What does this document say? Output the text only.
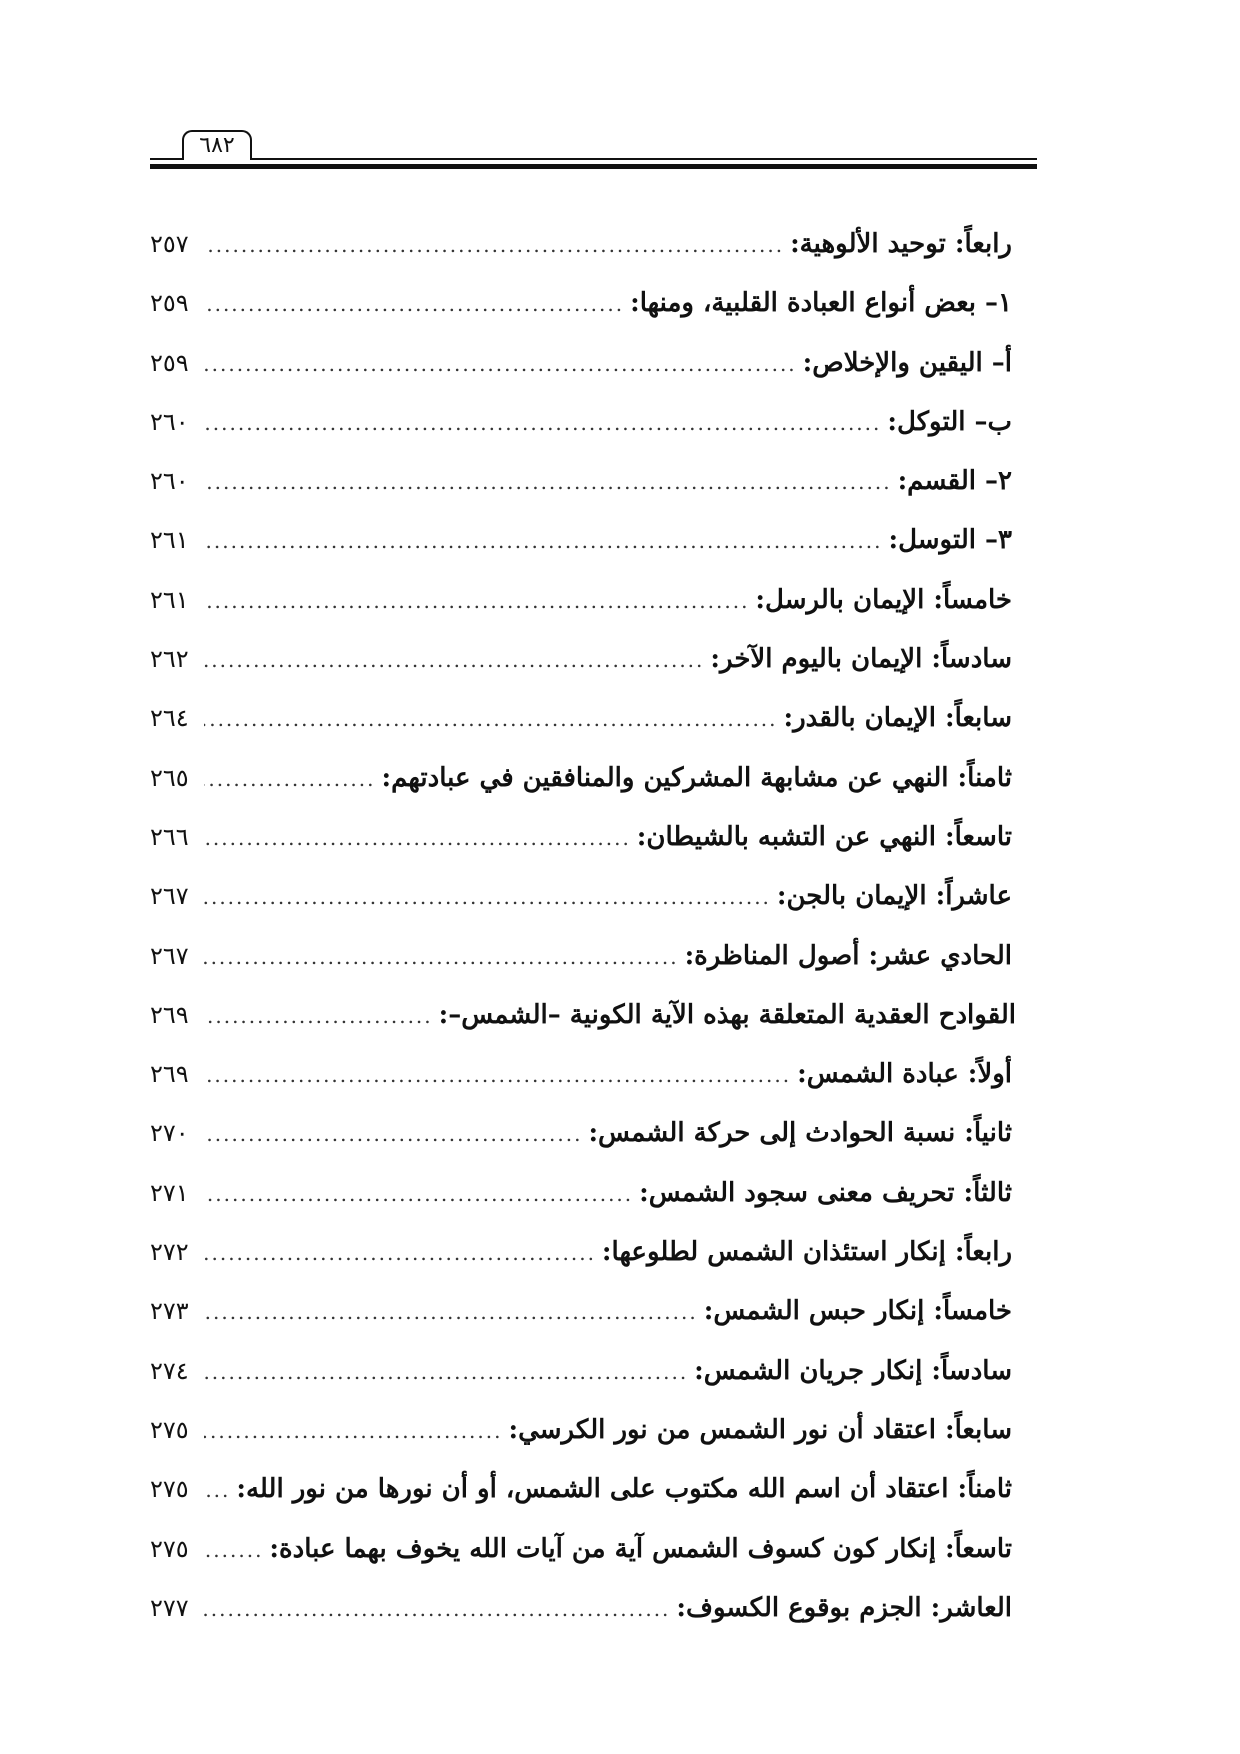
٦٨٢
رابعاً: توحيد الألوهية:
.....
٢٥٧
١– بعض أنواع العبادة القلبية، ومنها:
.....
٢٥٩
أ– اليقين والإخلاص:
.....
٢٥٩
ب– التوكل:
.....
٢٦٠
٢– القسم:
.....
٢٦٠
٣– التوسل:
.....
٢٦١
خامساً: الإيمان بالرسل:
.....
٢٦١
سادساً: الإيمان باليوم الآخر:
.....
٢٦٢
سابعاً: الإيمان بالقدر:
.....
٢٦٤
ثامناً: النهي عن مشابهة المشركين والمنافقين في عبادتهم:
.....
٢٦٥
تاسعاً: النهي عن التشبه بالشيطان:
.....
٢٦٦
عاشراً: الإيمان بالجن:
.....
٢٦٧
الحادي عشر: أصول المناظرة:
.....
٢٦٧
القوادح العقدية المتعلقة بهذه الآية الكونية –الشمس–:
.....
٢٦٩
أولاً: عبادة الشمس:
.....
٢٦٩
ثانياً: نسبة الحوادث إلى حركة الشمس:
.....
٢٧٠
ثالثاً: تحريف معنى سجود الشمس:
.....
٢٧١
رابعاً: إنكار استئذان الشمس لطلوعها:
.....
٢٧٢
خامساً: إنكار حبس الشمس:
.....
٢٧٣
سادساً: إنكار جريان الشمس:
.....
٢٧٤
سابعاً: اعتقاد أن نور الشمس من نور الكرسي:
.....
٢٧٥
ثامناً: اعتقاد أن اسم الله مكتوب على الشمس، أو أن نورها من نور الله:
.....
٢٧٥
تاسعاً: إنكار كون كسوف الشمس آية من آيات الله يخوف بهما عبادة:
.....
٢٧٥
العاشر: الجزم بوقوع الكسوف:
.....
٢٧٧
